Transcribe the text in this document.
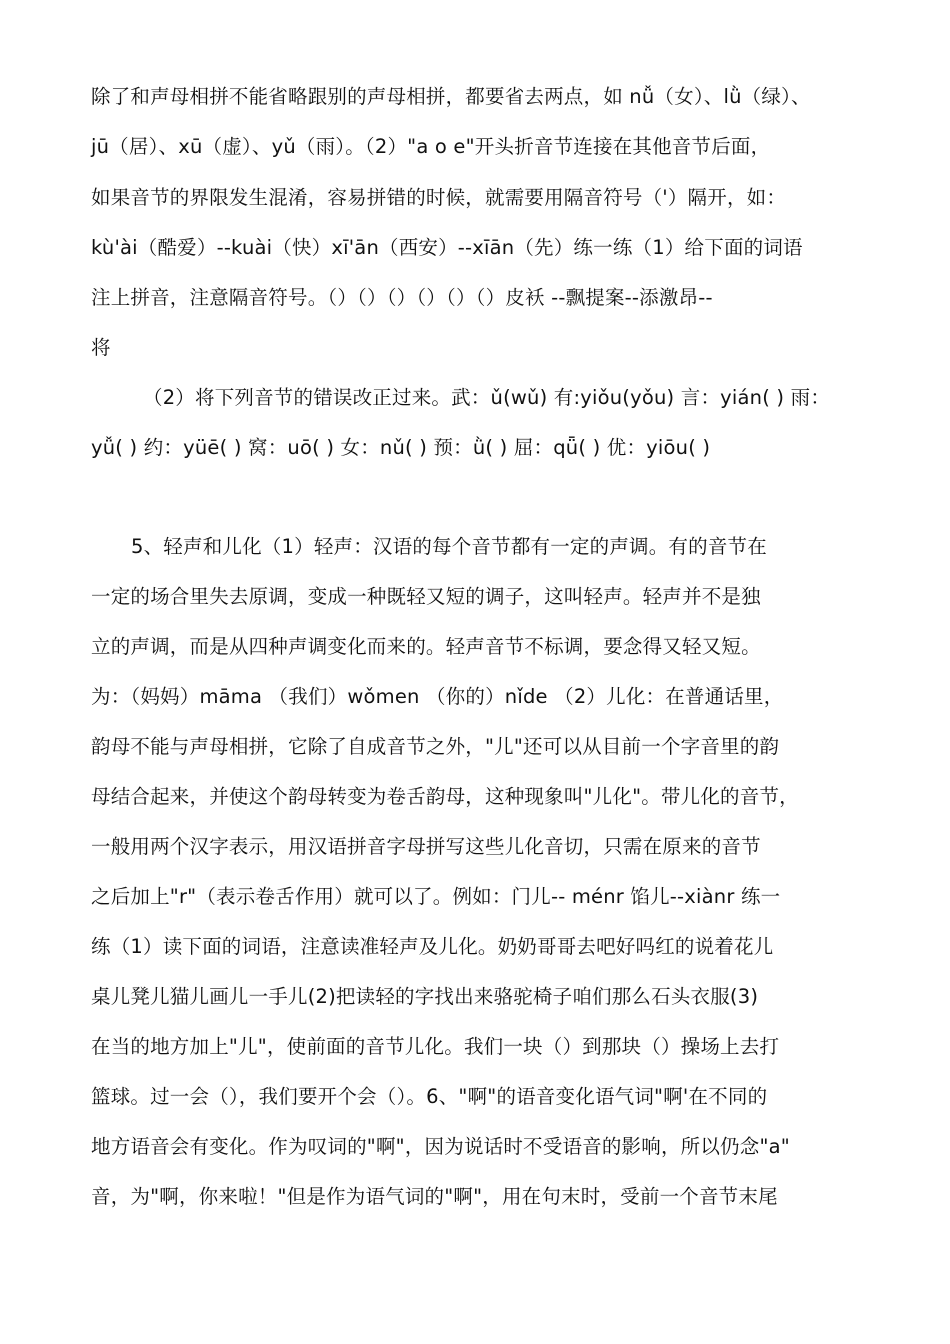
除了和声母相拼不能省略跟别的声母相拼，都要省去两点，如 nǚ（女）、lǜ（绿）、
jū（居）、xū（虚）、yǔ（雨）。（2）"a o e"开头折音节连接在其他音节后面，
如果音节的界限发生混淆，容易拼错的时候，就需要用隔音符号（'）隔开，如：
kù'ài（酷爱）--kuài（快）xī'ān（西安）--xīān（先）练一练（1）给下面的词语
注上拼音，注意隔音符号。（）（）（）（）（）（）皮袄 --飘提案--添激昂--
将
（2）将下列音节的错误改正过来。武：ǔ(wǔ) 有:yiǒu(yǒu) 言：yián( ) 雨：
yǚ( ) 约：yüē( ) 窝：uō( ) 女：nǔ( ) 预：ǜ( ) 屈：qǖ( ) 优：yiōu( )
5、轻声和儿化（1）轻声：汉语的每个音节都有一定的声调。有的音节在
一定的场合里失去原调，变成一种既轻又短的调子，这叫轻声。轻声并不是独
立的声调，而是从四种声调变化而来的。轻声音节不标调，要念得又轻又短。
为：（妈妈）māma （我们）wǒmen （你的）nǐde （2）儿化：在普通话里，
韵母不能与声母相拼，它除了自成音节之外，"儿"还可以从目前一个字音里的韵
母结合起来，并使这个韵母转变为卷舌韵母，这种现象叫"儿化"。带儿化的音节，
一般用两个汉字表示，用汉语拼音字母拼写这些儿化音切，只需在原来的音节
之后加上"r"（表示卷舌作用）就可以了。例如：门儿-- ménr 馅儿--xiànr 练一
练（1）读下面的词语，注意读准轻声及儿化。奶奶哥哥去吧好吗红的说着花儿
桌儿凳儿猫儿画儿一手儿(2)把读轻的字找出来骆驼椅子咱们那么石头衣服(3)
在当的地方加上"儿"，使前面的音节儿化。我们一块（）到那块（）操场上去打
篮球。过一会（），我们要开个会（）。6、"啊"的语音变化语气词"啊'在不同的
地方语音会有变化。作为叹词的"啊"，因为说话时不受语音的影响，所以仍念"a"
音，为"啊，你来啦！"但是作为语气词的"啊"，用在句末时，受前一个音节末尾
